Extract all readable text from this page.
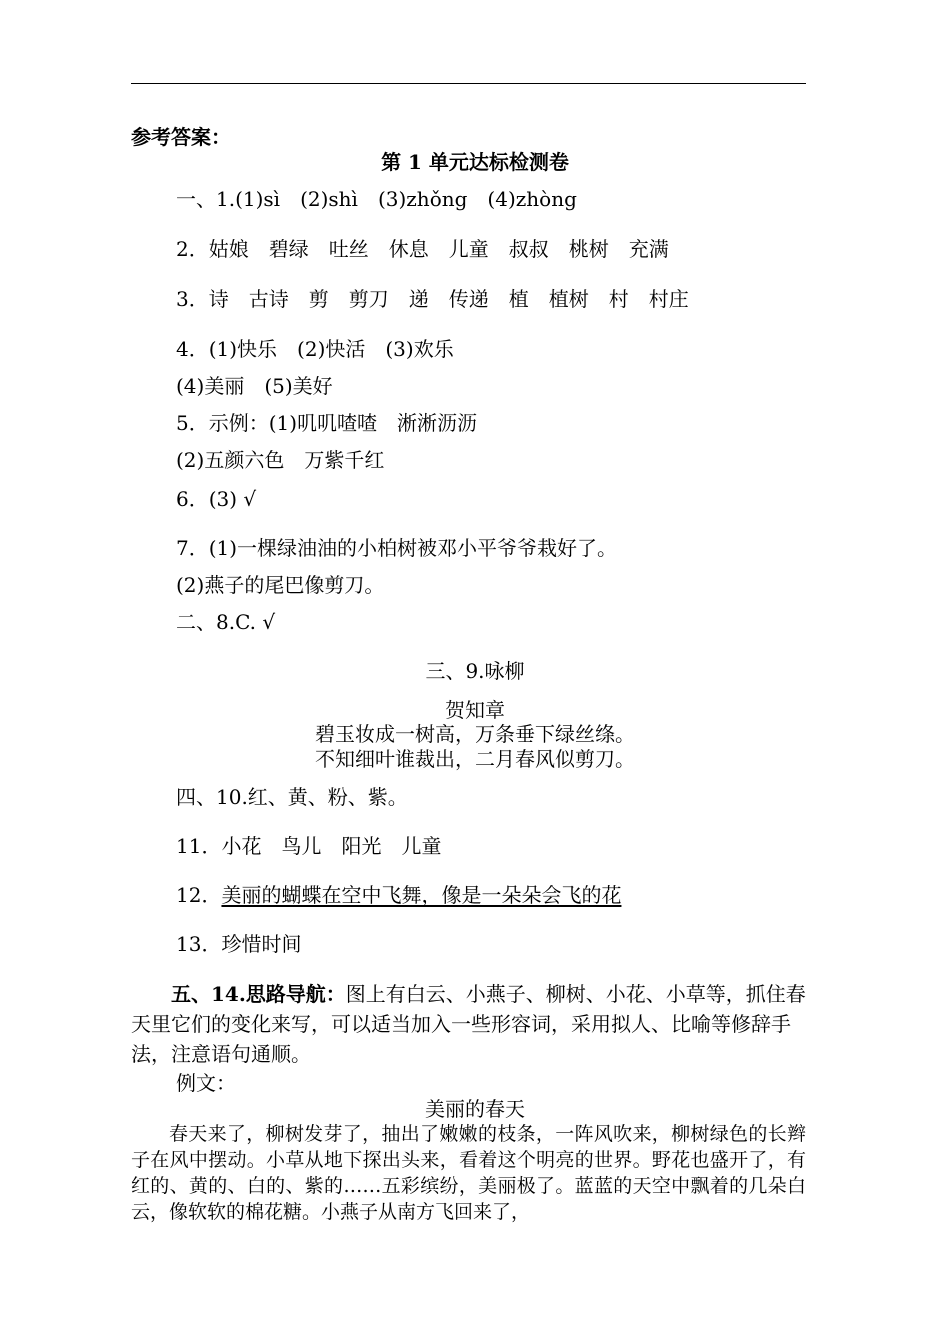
参考答案：
第 1 单元达标检测卷
一、1.(1)sì　(2)shì　(3)zhǒng　(4)zhòng
2．姑娘　碧绿　吐丝　休息　儿童　叔叔　桃树　充满
3．诗　古诗　剪　剪刀　递　传递　植　植树　村　村庄
4．(1)快乐　(2)快活　(3)欢乐
(4)美丽　(5)美好
5．示例：(1)叽叽喳喳　淅淅沥沥
(2)五颜六色　万紫千红
6．(3) √
7．(1)一棵绿油油的小柏树被邓小平爷爷栽好了。
(2)燕子的尾巴像剪刀。
二、8.C. √
三、9.咏柳
贺知章
碧玉妆成一树高，万条垂下绿丝绦。
不知细叶谁裁出，二月春风似剪刀。
四、10.红、黄、粉、紫。
11．小花　鸟儿　阳光　儿童
12．美丽的蝴蝶在空中飞舞，像是一朵朵会飞的花
13．珍惜时间
五、14.思路导航：图上有白云、小燕子、柳树、小花、小草等，抓住春天里它们的变化来写，可以适当加入一些形容词，采用拟人、比喻等修辞手法，注意语句通顺。
例文：
美丽的春天

春天来了，柳树发芽了，抽出了嫩嫩的枝条，一阵风吹来，柳树绿色的长辫子在风中摆动。小草从地下探出头来，看着这个明亮的世界。野花也盛开了，有红的、黄的、白的、紫的……五彩缤纷，美丽极了。蓝蓝的天空中飘着的几朵白云，像软软的棉花糖。小燕子从南方飞回来了，
